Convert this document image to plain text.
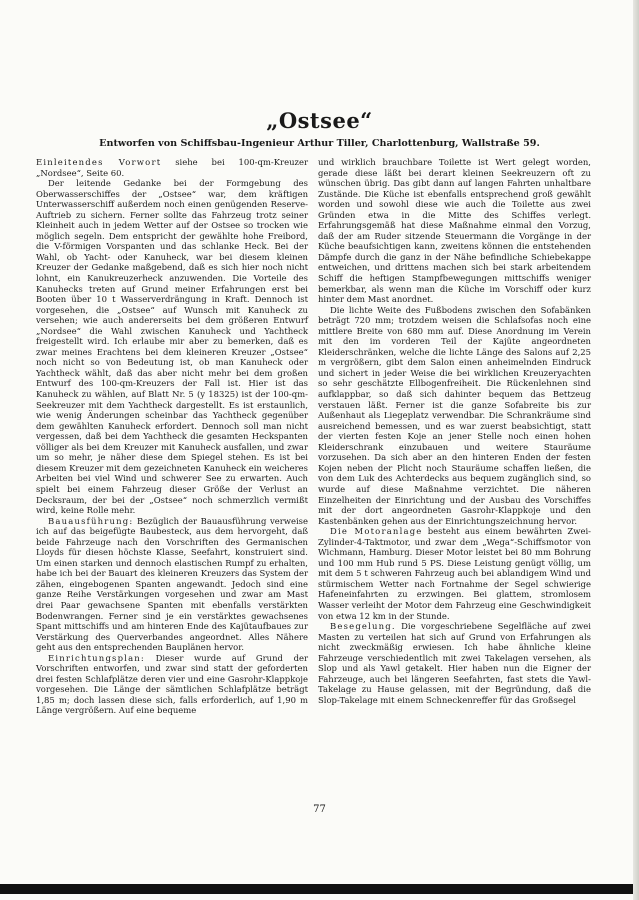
„Ostsee“
Entworfen von Schiffsbau-Ingenieur Arthur Tiller, Charlottenburg, Wallstraße 59.

Einleitendes Vorwort siehe bei 100-qm-Kreuzer „Nordsee“, Seite 60.

Der leitende Gedanke bei der Formgebung des Oberwasserschiffes der „Ostsee“ war, dem kräftigen Unterwasserschiff außerdem noch einen genügenden Reserve-Auftrieb zu sichern. Ferner sollte das Fahrzeug trotz seiner Kleinheit auch in jedem Wetter auf der Ostsee so trocken wie möglich segeln. Dem entspricht der gewählte hohe Freibord, die V-förmigen Vorspanten und das schlanke Heck. Bei der Wahl, ob Yacht- oder Kanuheck, war bei diesem kleinen Kreuzer der Gedanke maßgebend, daß es sich hier noch nicht lohnt, ein Kanukreuzerheck anzuwenden. Die Vorteile des Kanuhecks treten auf Grund meiner Erfahrungen erst bei Booten über 10 t Wasserverdrängung in Kraft. Dennoch ist vorgesehen, die „Ostsee“ auf Wunsch mit Kanuheck zu versehen; wie auch andererseits bei dem größeren Entwurf „Nordsee“ die Wahl zwischen Kanuheck und Yachtheck freigestellt wird. Ich erlaube mir aber zu bemerken, daß es zwar meines Erachtens bei dem kleineren Kreuzer „Ostsee“ noch nicht so von Bedeutung ist, ob man Kanuheck oder Yachtheck wählt, daß das aber nicht mehr bei dem großen Entwurf des 100-qm-Kreuzers der Fall ist. Hier ist das Kanuheck zu wählen, auf Blatt Nr. 5 (y 18325) ist der 100-qm-Seekreuzer mit dem Yachtheck dargestellt. Es ist erstaunlich, wie wenig Änderungen scheinbar das Yachtheck gegenüber dem gewählten Kanuheck erfordert. Dennoch soll man nicht vergessen, daß bei dem Yachtheck die gesamten Heckspanten völliger als bei dem Kreuzer mit Kanuheck ausfallen, und zwar um so mehr, je näher diese dem Spiegel stehen. Es ist bei diesem Kreuzer mit dem gezeichneten Kanuheck ein weicheres Arbeiten bei viel Wind und schwerer See zu erwarten. Auch spielt bei einem Fahrzeug dieser Größe der Verlust an Decksraum, der bei der „Ostsee“ noch schmerzlich vermißt wird, keine Rolle mehr.

Bauausführung: Bezüglich der Bauausführung verweise ich auf das beigefügte Baubesteck, aus dem hervorgeht, daß beide Fahrzeuge nach den Vorschriften des Germanischen Lloyds für diesen höchste Klasse, Seefahrt, konstruiert sind. Um einen starken und dennoch elastischen Rumpf zu erhalten, habe ich bei der Bauart des kleineren Kreuzers das System der zähen, eingebogenen Spanten angewandt. Jedoch sind eine ganze Reihe Verstärkungen vorgesehen und zwar am Mast drei Paar gewachsene Spanten mit ebenfalls verstärkten Bodenwrangen. Ferner sind je ein verstärktes gewachsenes Spant mittschiffs und am hinteren Ende des Kajütaufbaues zur Verstärkung des Querverbandes angeordnet. Alles Nähere geht aus den entsprechenden Bauplänen hervor.

Einrichtungsplan: Dieser wurde auf Grund der Vorschriften entworfen, und zwar sind statt der geforderten drei festen Schlafplätze deren vier und eine Gasrohr-Klappkoje vorgesehen. Die Länge der sämtlichen Schlafplätze beträgt 1,85 m; doch lassen diese sich, falls erforderlich, auf 1,90 m Länge vergrößern. Auf eine bequeme

und wirklich brauchbare Toilette ist Wert gelegt worden, gerade diese läßt bei derart kleinen Seekreuzern oft zu wünschen übrig. Das gibt dann auf langen Fahrten unhaltbare Zustände. Die Küche ist ebenfalls entsprechend groß gewählt worden und sowohl diese wie auch die Toilette aus zwei Gründen etwa in die Mitte des Schiffes verlegt. Erfahrungsgemäß hat diese Maßnahme einmal den Vorzug, daß der am Ruder sitzende Steuermann die Vorgänge in der Küche beaufsichtigen kann, zweitens können die entstehenden Dämpfe durch die ganz in der Nähe befindliche Schiebekappe entweichen, und drittens machen sich bei stark arbeitendem Schiff die heftigen Stampfbewegungen mittschiffs weniger bemerkbar, als wenn man die Küche im Vorschiff oder kurz hinter dem Mast anordnet.

Die lichte Weite des Fußbodens zwischen den Sofabänken beträgt 720 mm; trotzdem weisen die Schlafsofas noch eine mittlere Breite von 680 mm auf. Diese Anordnung im Verein mit den im vorderen Teil der Kajüte angeordneten Kleiderschränken, welche die lichte Länge des Salons auf 2,25 m vergrößern, gibt dem Salon einen anheimelnden Eindruck und sichert in jeder Weise die bei wirklichen Kreuzeryachten so sehr geschätzte Ellbogenfreiheit. Die Rückenlehnen sind aufklappbar, so daß sich dahinter bequem das Bettzeug verstauen läßt. Ferner ist die ganze Sofabreite bis zur Außenhaut als Liegeplatz verwendbar. Die Schrankräume sind ausreichend bemessen, und es war zuerst beabsichtigt, statt der vierten festen Koje an jener Stelle noch einen hohen Kleiderschrank einzubauen und weitere Stauräume vorzusehen. Da sich aber an den hinteren Enden der festen Kojen neben der Plicht noch Stauräume schaffen ließen, die von dem Luk des Achterdecks aus bequem zugänglich sind, so wurde auf diese Maßnahme verzichtet. Die näheren Einzelheiten der Einrichtung und der Ausbau des Vorschiffes mit der dort angeordneten Gasrohr-Klappkoje und den Kastenbänken gehen aus der Einrichtungszeichnung hervor.

Die Motoranlage besteht aus einem bewährten Zwei-Zylinder-4-Taktmotor, und zwar dem „Wega“-Schiffsmotor von Wichmann, Hamburg. Dieser Motor leistet bei 80 mm Bohrung und 100 mm Hub rund 5 PS. Diese Leistung genügt völlig, um mit dem 5 t schweren Fahrzeug auch bei ablandigem Wind und stürmischem Wetter nach Fortnahme der Segel schwierige Hafeneinfahrten zu erzwingen. Bei glattem, stromlosem Wasser verleiht der Motor dem Fahrzeug eine Geschwindigkeit von etwa 12 km in der Stunde.

Besegelung. Die vorgeschriebene Segelfläche auf zwei Masten zu verteilen hat sich auf Grund von Erfahrungen als nicht zweckmäßig erwiesen. Ich habe ähnliche kleine Fahrzeuge verschiedentlich mit zwei Takelagen versehen, als Slop und als Yawl getakelt. Hier haben nun die Eigner der Fahrzeuge, auch bei längeren Seefahrten, fast stets die Yawl-Takelage zu Hause gelassen, mit der Begründung, daß die Slop-Takelage mit einem Schneckenreffer für das Großsegel

77
